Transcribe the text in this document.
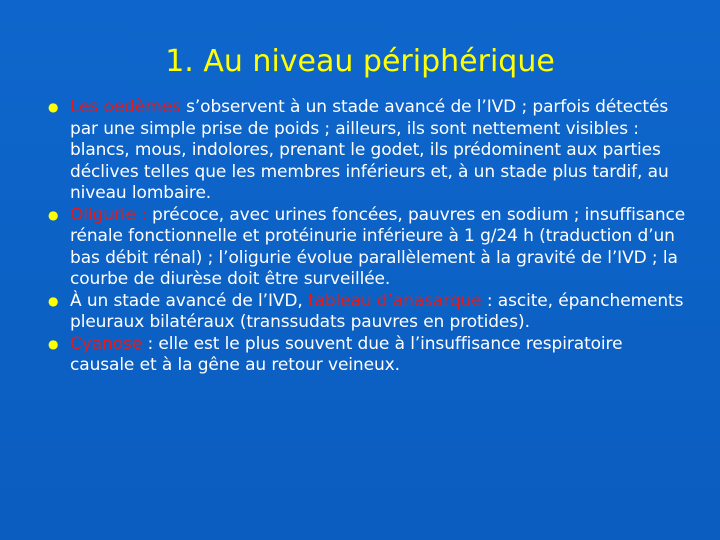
1. Au niveau périphérique
● Les oedèmes s’observent à un stade avancé de l’IVD ; parfois détectés par une simple prise de poids ; ailleurs, ils sont nettement visibles : blancs, mous, indolores, prenant le godet, ils prédominent aux parties déclives telles que les membres inférieurs et, à un stade plus tardif, au niveau lombaire.
● Oligurie : précoce, avec urines foncées, pauvres en sodium ; insuffisance rénale fonctionnelle et protéinurie inférieure à 1 g/24 h (traduction d’un bas débit rénal) ; l’oligurie évolue parallèlement à la gravité de l’IVD ; la courbe de diurèse doit être surveillée.
● À un stade avancé de l’IVD, tableau d’anasarque : ascite, épanchements pleuraux bilatéraux (transsudats pauvres en protides).
● Cyanose : elle est le plus souvent due à l’insuffisance respiratoire causale et à la gêne au retour veineux.
